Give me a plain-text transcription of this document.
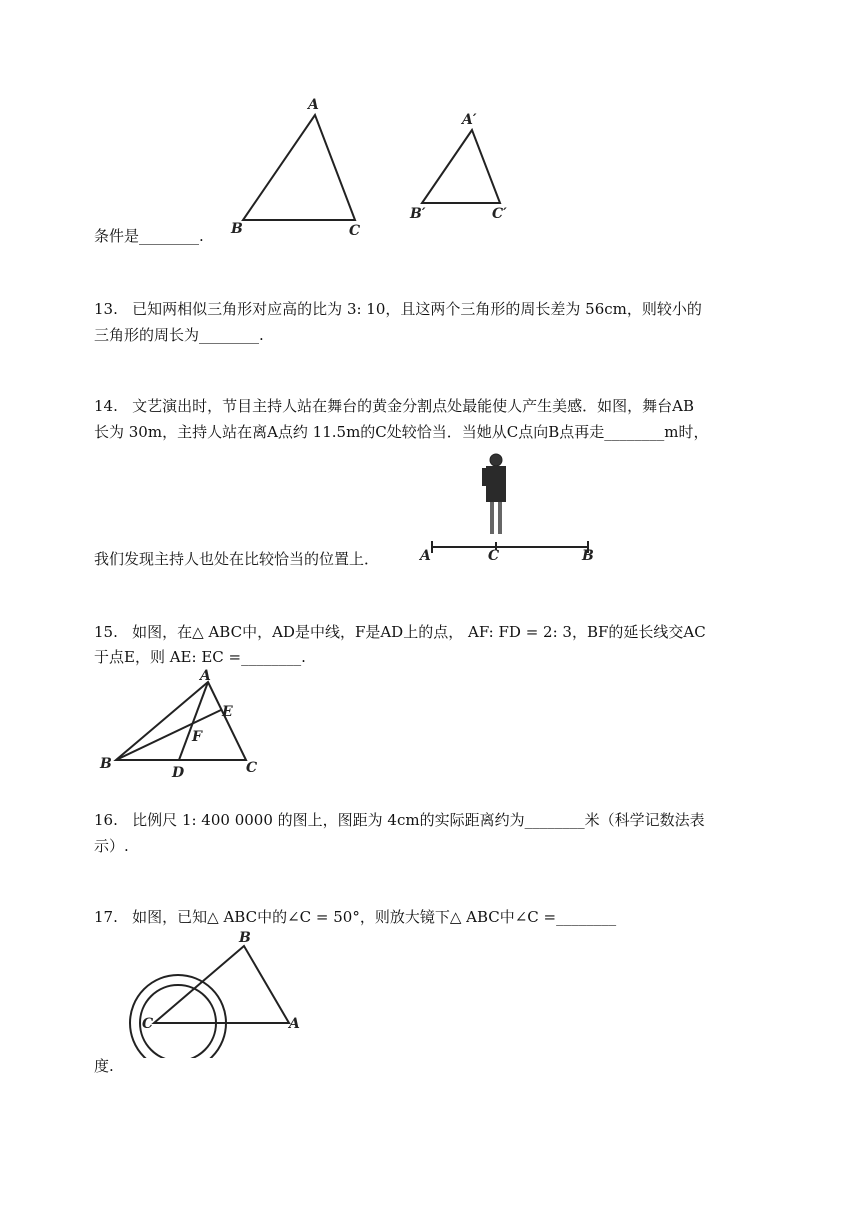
A
B	C
A′
B′	C′
条件是________.
13. 已知两相似三角形对应高的比为 3: 10，且这两个三角形的周长差为 56cm，则较小的
三角形的周长为________.
14. 文艺演出时，节目主持人站在舞台的黄金分割点处最能使人产生美感．如图，舞台AB
长为 30m，主持人站在离A点约 11.5m的C处较恰当．当她从C点向B点再走________m时，
我们发现主持人也处在比较恰当的位置上．	A	C	B
15. 如图，在△ ABC中，AD是中线，F是AD上的点， AF: FD = 2: 3，BF的延长线交AC
于点E，则 AE: EC =________.
A
B	C
D
E
F
16. 比例尺 1: 400 0000 的图上，图距为 4cm的实际距离约为________米（科学记数法表
示）.
17. 如图，已知△ ABC中的∠C = 50°，则放大镜下△ ABC中∠C =________
B
C	A
度.
